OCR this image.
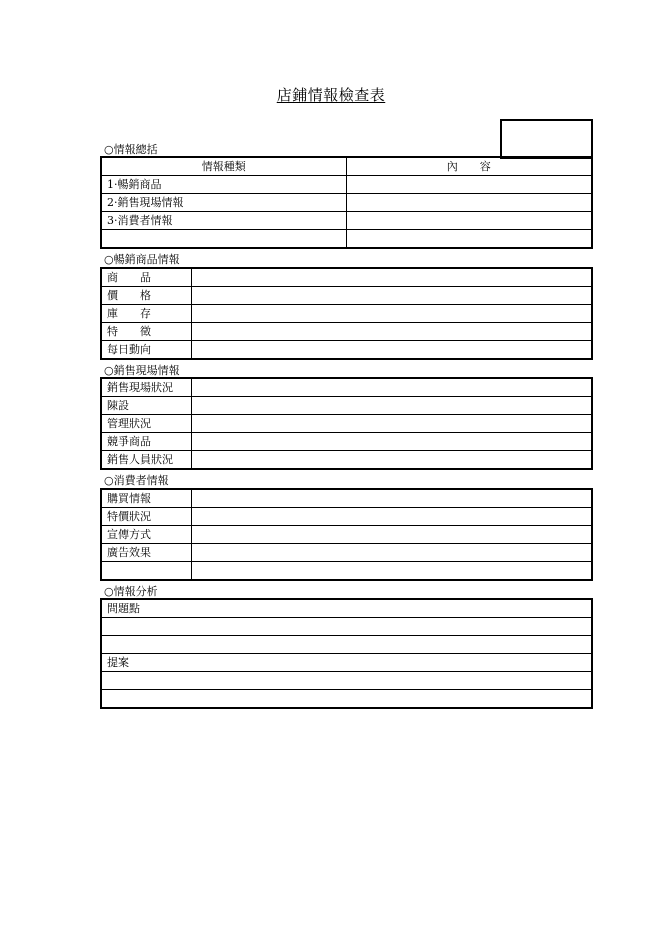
店鋪情報檢查表
○情報總括
情報種類	內　　容
1·暢銷商品	
2·銷售現場情報	
3·消費者情報	

○暢銷商品情報
商　　品	
價　　格	
庫　　存	
特　　徵	
每日動向	
○銷售現場情報
銷售現場狀況	
陳設	
管理狀況	
競爭商品	
銷售人員狀況	
○消費者情報
購買情報	
特價狀況	
宣傳方式	
廣告效果	

○情報分析
問題點

提案
